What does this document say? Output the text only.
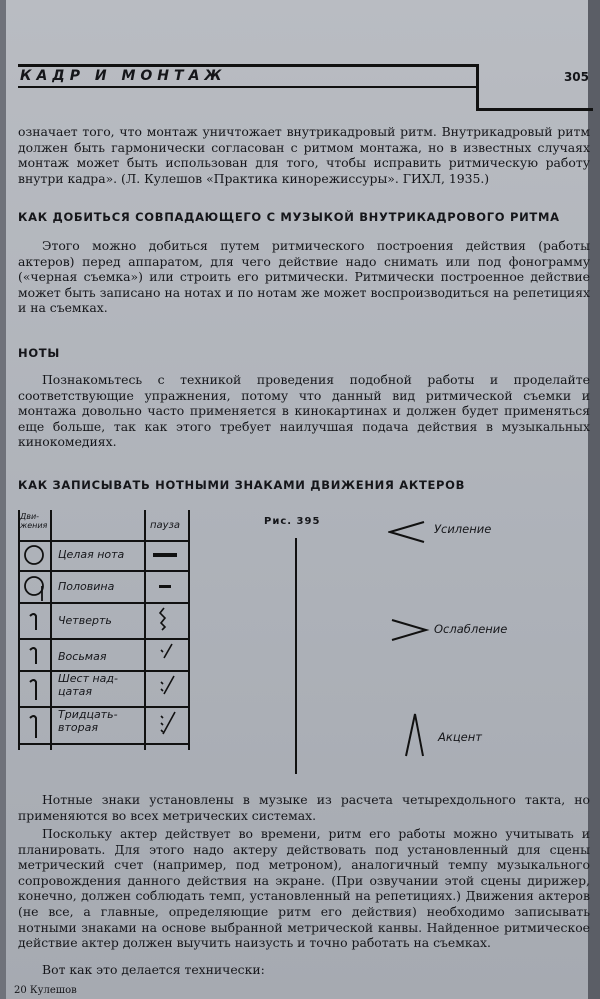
КАДР И МОНТАЖ	305
означает того, что монтаж уничтожает внутрикадровый ритм. Внутрикадровый ритм должен быть гармонически согласован с ритмом монтажа, но в известных случаях монтаж может быть использован для того, чтобы исправить ритмическую работу внутри кадра». (Л. Кулешов «Практика кинорежиссуры». ГИХЛ, 1935.)
КАК ДОБИТЬСЯ СОВПАДАЮЩЕГО С МУЗЫКОЙ ВНУТРИКАДРОВОГО РИТМА
Этого можно добиться путем ритмического построения действия (работы актеров) перед аппаратом, для чего действие надо снимать или под фонограмму («черная съемка») или строить его ритмически. Ритмически построенное действие может быть записано на нотах и по нотам же может воспроизводиться на репетициях и на съемках.
НОТЫ
Познакомьтесь с техникой проведения подобной работы и проделайте соответствующие упражнения, потому что данный вид ритмической съемки и монтажа довольно часто применяется в кинокартинах и должен будет применяться еще больше, так как этого требует наилучшая подача действия в музыкальных кинокомедиях.
КАК ЗАПИСЫВАТЬ НОТНЫМИ ЗНАКАМИ ДВИЖЕНИЯ АКТЕРОВ
Дви-
жения	пауза
Целая нота
Половина
Четверть
Восьмая
Шест над-
цатая
Тридцать-
вторая
Рис. 395
Усиление
Ослабление
Акцент
Нотные знаки установлены в музыке из расчета четырехдольного такта, но применяются во всех метрических системах.
Поскольку актер действует во времени, ритм его работы можно учитывать и планировать. Для этого надо актеру действовать под установленный для сцены метрический счет (например, под метроном), аналогичный темпу музыкального сопровождения данного действия на экране. (При озвучании этой сцены дирижер, конечно, должен соблюдать темп, установленный на репетициях.) Движения актеров (не все, а главные, определяющие ритм его действия) необходимо записывать нотными знаками на основе выбранной метрической канвы. Найденное ритмическое действие актер должен выучить наизусть и точно работать на съемках.
Вот как это делается технически:
20 Кулешов
